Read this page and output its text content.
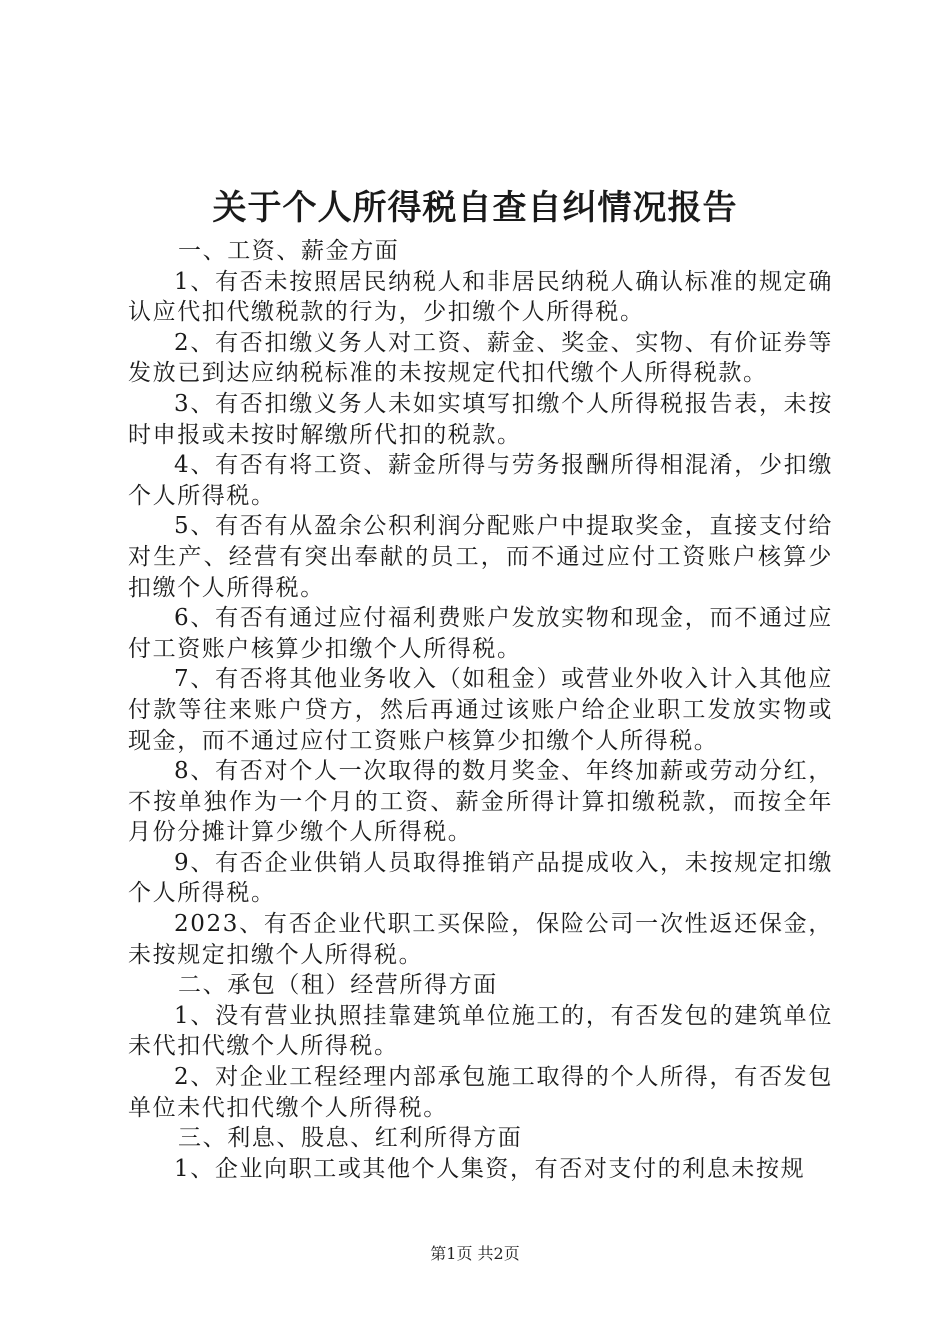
关于个人所得税自查自纠情况报告

一、工资、薪金方面

1、有否未按照居民纳税人和非居民纳税人确认标准的规定确认应代扣代缴税款的行为，少扣缴个人所得税。

2、有否扣缴义务人对工资、薪金、奖金、实物、有价证券等发放已到达应纳税标准的未按规定代扣代缴个人所得税款。

3、有否扣缴义务人未如实填写扣缴个人所得税报告表，未按时申报或未按时解缴所代扣的税款。

4、有否有将工资、薪金所得与劳务报酬所得相混淆，少扣缴个人所得税。

5、有否有从盈余公积利润分配账户中提取奖金，直接支付给对生产、经营有突出奉献的员工，而不通过应付工资账户核算少扣缴个人所得税。

6、有否有通过应付福利费账户发放实物和现金，而不通过应付工资账户核算少扣缴个人所得税。

7、有否将其他业务收入（如租金）或营业外收入计入其他应付款等往来账户贷方，然后再通过该账户给企业职工发放实物或现金，而不通过应付工资账户核算少扣缴个人所得税。

8、有否对个人一次取得的数月奖金、年终加薪或劳动分红，不按单独作为一个月的工资、薪金所得计算扣缴税款，而按全年月份分摊计算少缴个人所得税。

9、有否企业供销人员取得推销产品提成收入，未按规定扣缴个人所得税。

2023、有否企业代职工买保险，保险公司一次性返还保金，未按规定扣缴个人所得税。

二、承包（租）经营所得方面

1、没有营业执照挂靠建筑单位施工的，有否发包的建筑单位未代扣代缴个人所得税。

2、对企业工程经理内部承包施工取得的个人所得，有否发包单位未代扣代缴个人所得税。

三、利息、股息、红利所得方面

1、企业向职工或其他个人集资，有否对支付的利息未按规

第1页 共2页
